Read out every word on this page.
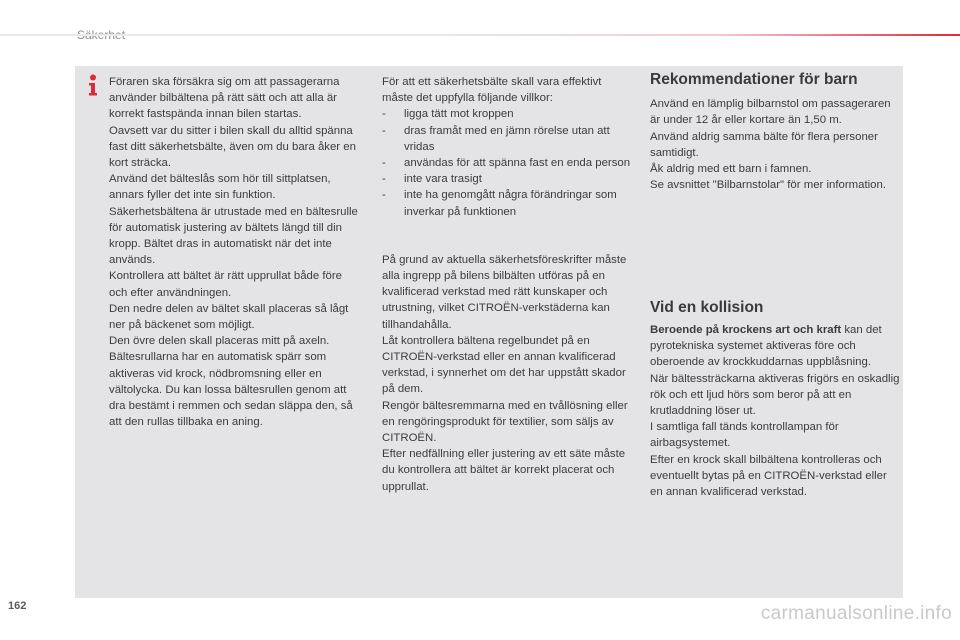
Föraren ska försäkra sig om att passagerarna använder bilbältena på rätt sätt och att alla är korrekt fastspända innan bilen startas.
Oavsett var du sitter i bilen skall du alltid spänna fast ditt säkerhetsbälte, även om du bara åker en kort sträcka.
Använd det bälteslås som hör till sittplatsen, annars fyller det inte sin funktion.
Säkerhetsbältena är utrustade med en bältesrulle för automatisk justering av bältets längd till din kropp. Bältet dras in automatiskt när det inte används.
Kontrollera att bältet är rätt upprullat både före och efter användningen.
Den nedre delen av bältet skall placeras så lågt ner på bäckenet som möjligt.
Den övre delen skall placeras mitt på axeln.
Bältesrullarna har en automatisk spärr som aktiveras vid krock, nödbromsning eller en vältolycka. Du kan lossa bältesrullen genom att dra bestämt i remmen och sedan släppa den, så att den rullas tillbaka en aning.
För att ett säkerhetsbälte skall vara effektivt måste det uppfylla följande villkor:
- ligga tätt mot kroppen
- dras framåt med en jämn rörelse utan att vridas
- användas för att spänna fast en enda person
- inte vara trasigt
- inte ha genomgått några förändringar som inverkar på funktionen
På grund av aktuella säkerhetsföreskrifter måste alla ingrepp på bilens bilbälten utföras på en kvalificerad verkstad med rätt kunskaper och utrustning, vilket CITROËN-verkstäderna kan tillhandahålla.
Låt kontrollera bältena regelbundet på en CITROËN-verkstad eller en annan kvalificerad verkstad, i synnerhet om det har uppstått skador på dem.
Rengör bältesremmarna med en tvållösning eller en rengöringsprodukt för textilier, som säljs av CITROËN.
Efter nedfällning eller justering av ett säte måste du kontrollera att bältet är korrekt placerat och upprullat.
Rekommendationer för barn
Använd en lämplig bilbarnstol om passageraren är under 12 år eller kortare än 1,50 m.
Använd aldrig samma bälte för flera personer samtidigt.
Åk aldrig med ett barn i famnen.
Se avsnittet "Bilbarnstolar" för mer information.
Vid en kollision
Beroende på krockens art och kraft kan det pyrotekniska systemet aktiveras före och oberoende av krockkuddarnas uppblåsning.
När bältessträckarna aktiveras frigörs en oskadlig rök och ett ljud hörs som beror på att en krutladdning löser ut.
I samtliga fall tänds kontrollampan för airbagsystemet.
Efter en krock skall bilbältena kontrolleras och eventuellt bytas på en CITROËN-verkstad eller en annan kvalificerad verkstad.
162	carmanualsonline.info
